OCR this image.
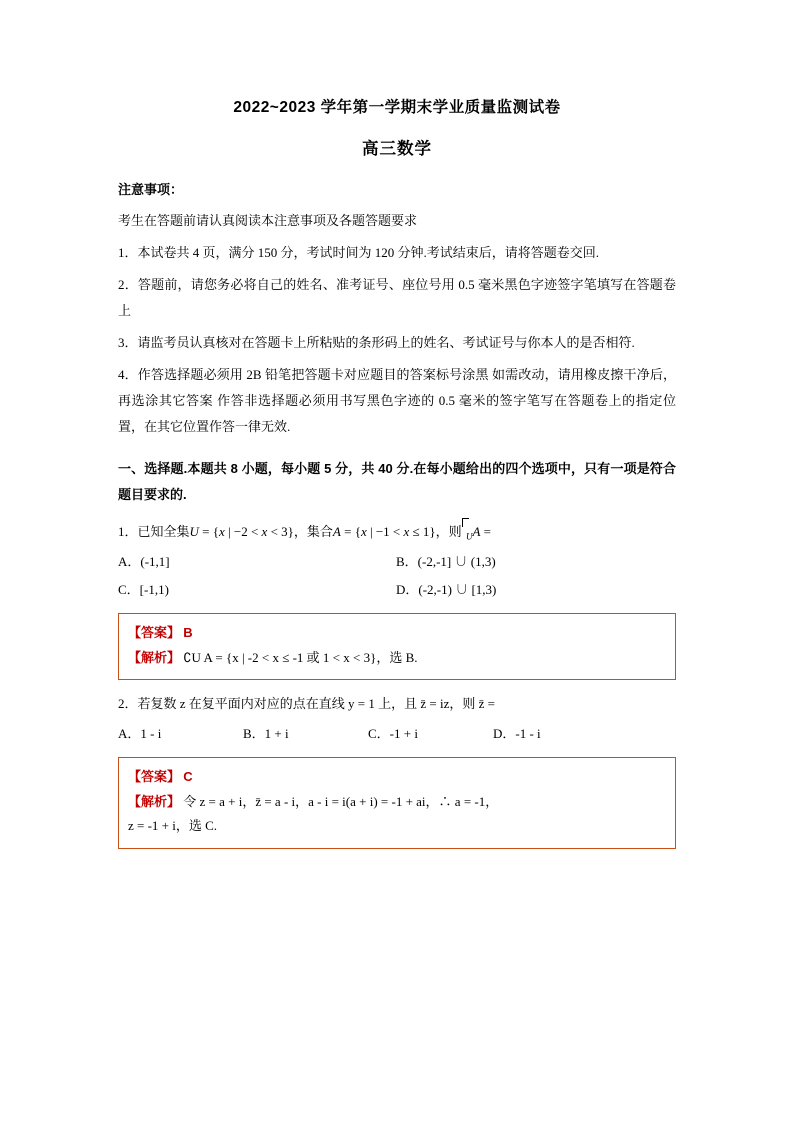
2022~2023 学年第一学期末学业质量监测试卷
高三数学
注意事项：
考生在答题前请认真阅读本注意事项及各题答题要求
1．本试卷共 4 页，满分 150 分，考试时间为 120 分钟.考试结束后，请将答题卷交回.
2．答题前，请您务必将自己的姓名、准考证号、座位号用 0.5 毫米黑色字迹签字笔填写在答题卷上
3．请监考员认真核对在答题卡上所粘贴的条形码上的姓名、考试证号与你本人的是否相符.
4．作答选择题必须用 2B 铅笔把答题卡对应题目的答案标号涂黑 如需改动，请用橡皮擦干净后，再选涂其它答案 作答非选择题必须用书写黑色字迹的 0.5 毫米的签字笔写在答题卷上的指定位置，在其它位置作答一律无效.
一、选择题.本题共 8 小题，每小题 5 分，共 40 分.在每小题给出的四个选项中，只有一项是符合题目要求的.
1．已知全集U = {x | −2 < x < 3}，集合A = {x | −1 < x ≤ 1}，则 $_U$A =
A．(-1,1]	B．(-2,-1] ∪ (1,3)
C．[-1,1)	D．(-2,-1) ∪ [1,3)
【答案】 B
【解析】 ∁U A = {x | -2 < x ≤ -1 或 1 < x < 3}，选 B.
2．若复数 z 在复平面内对应的点在直线 y = 1 上，且 z̄ = iz，则 z̄ =
A．1 - i	B．1 + i	C．-1 + i	D．-1 - i
【答案】 C
【解析】 令 z = a + i，z̄ = a - i，a - i = i(a + i) = -1 + ai，∴ a = -1，
z = -1 + i，选 C.
